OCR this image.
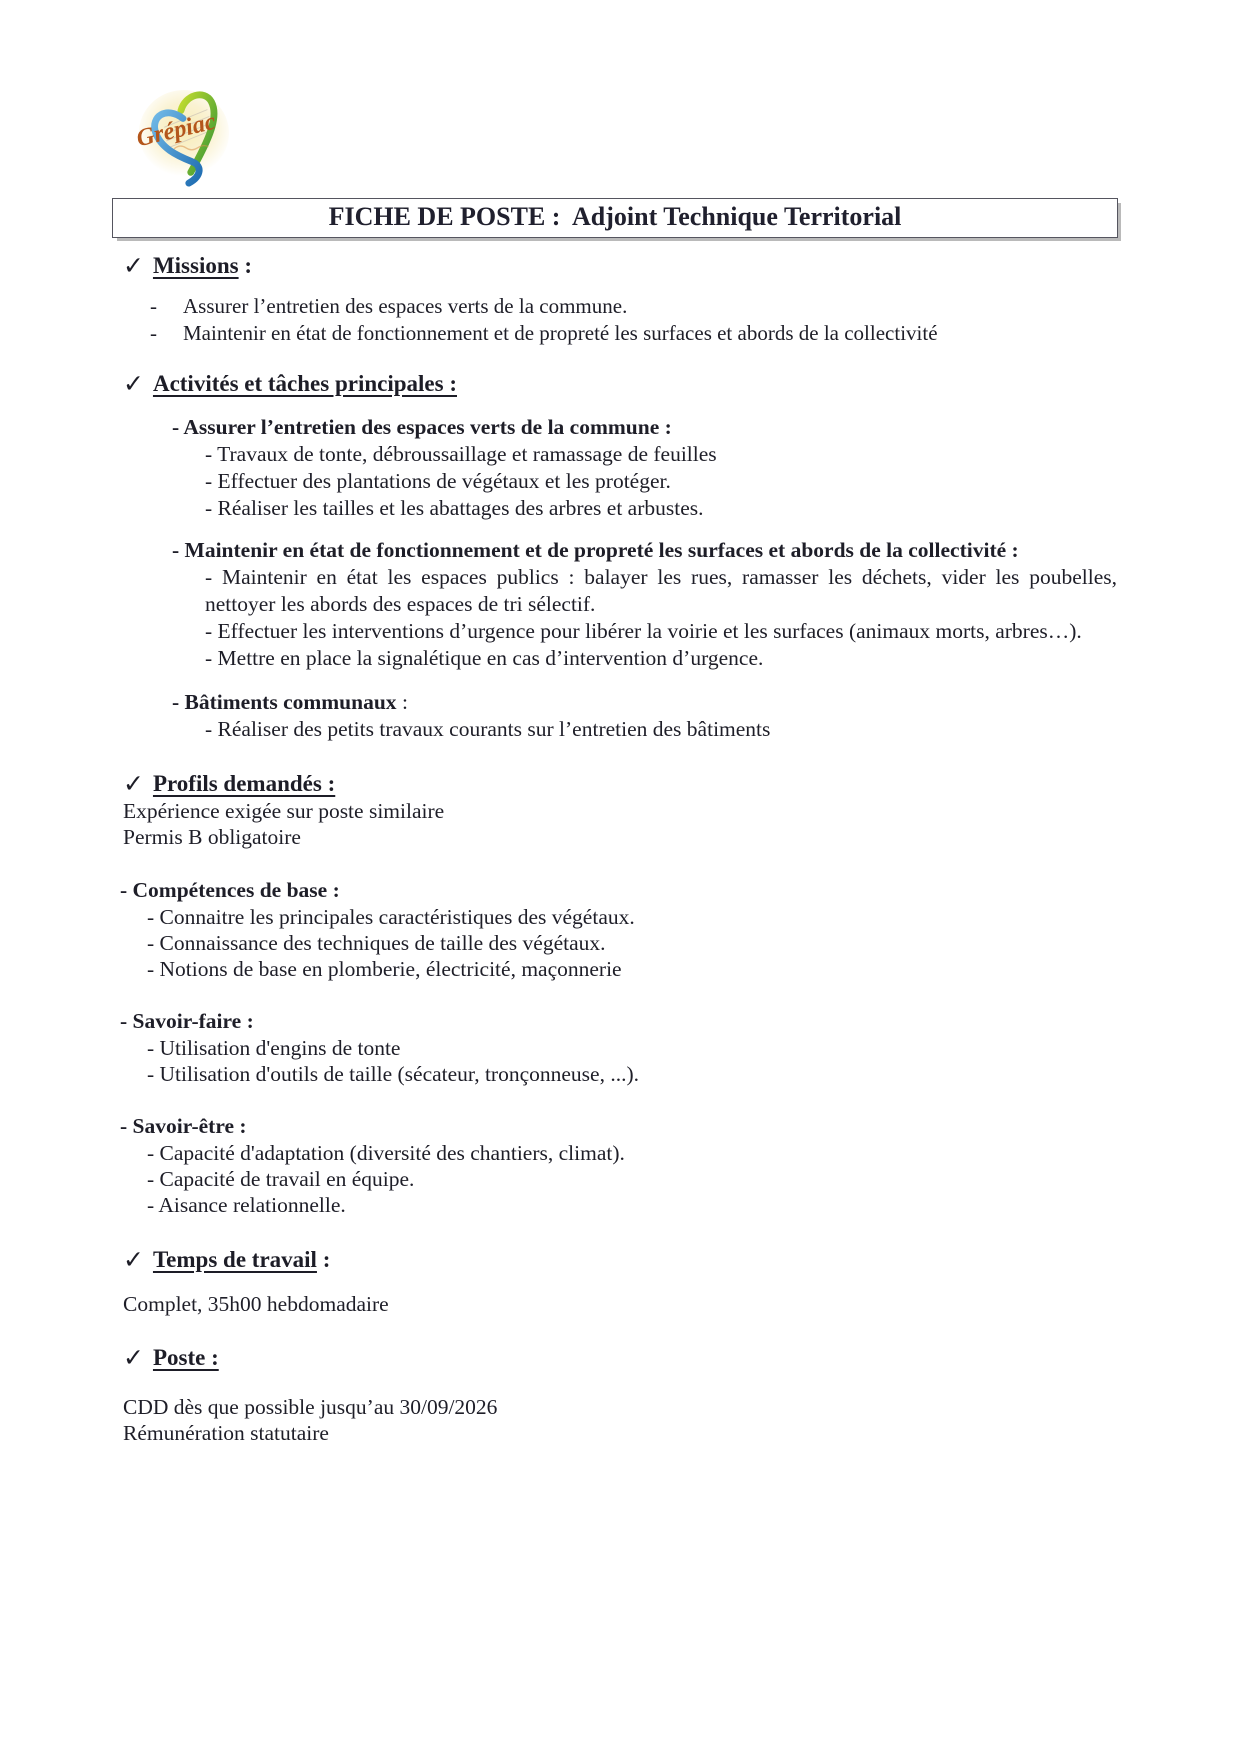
Grépiac
FICHE DE POSTE :  Adjoint Technique Territorial
✓ Missions :
-	Assurer l’entretien des espaces verts de la commune.
-	Maintenir en état de fonctionnement et de propreté les surfaces et abords de la collectivité
✓ Activités et tâches principales :
- Assurer l’entretien des espaces verts de la commune :

- Travaux de tonte, débroussaillage et ramassage de feuilles

- Effectuer des plantations de végétaux et les protéger.

- Réaliser les tailles et les abattages des arbres et arbustes.

- Maintenir en état de fonctionnement et de propreté les surfaces et abords de la collectivité :

- Maintenir en état les espaces publics : balayer les rues, ramasser les déchets, vider les poubelles, nettoyer les abords des espaces de tri sélectif.

- Effectuer les interventions d’urgence pour libérer la voirie et les surfaces (animaux morts, arbres…).

- Mettre en place la signalétique en cas d’intervention d’urgence.

- Bâtiments communaux :

- Réaliser des petits travaux courants sur l’entretien des bâtiments

✓ Profils demandés :

Expérience exigée sur poste similaire

Permis B obligatoire

- Compétences de base :

- Connaitre les principales caractéristiques des végétaux.

- Connaissance des techniques de taille des végétaux.

- Notions de base en plomberie, électricité, maçonnerie

- Savoir-faire :

- Utilisation d'engins de tonte

- Utilisation d'outils de taille (sécateur, tronçonneuse, ...).

- Savoir-être :

- Capacité d'adaptation (diversité des chantiers, climat).

- Capacité de travail en équipe.

- Aisance relationnelle.

✓ Temps de travail :

Complet, 35h00 hebdomadaire

✓ Poste :

CDD dès que possible jusqu’au 30/09/2026

Rémunération statutaire
